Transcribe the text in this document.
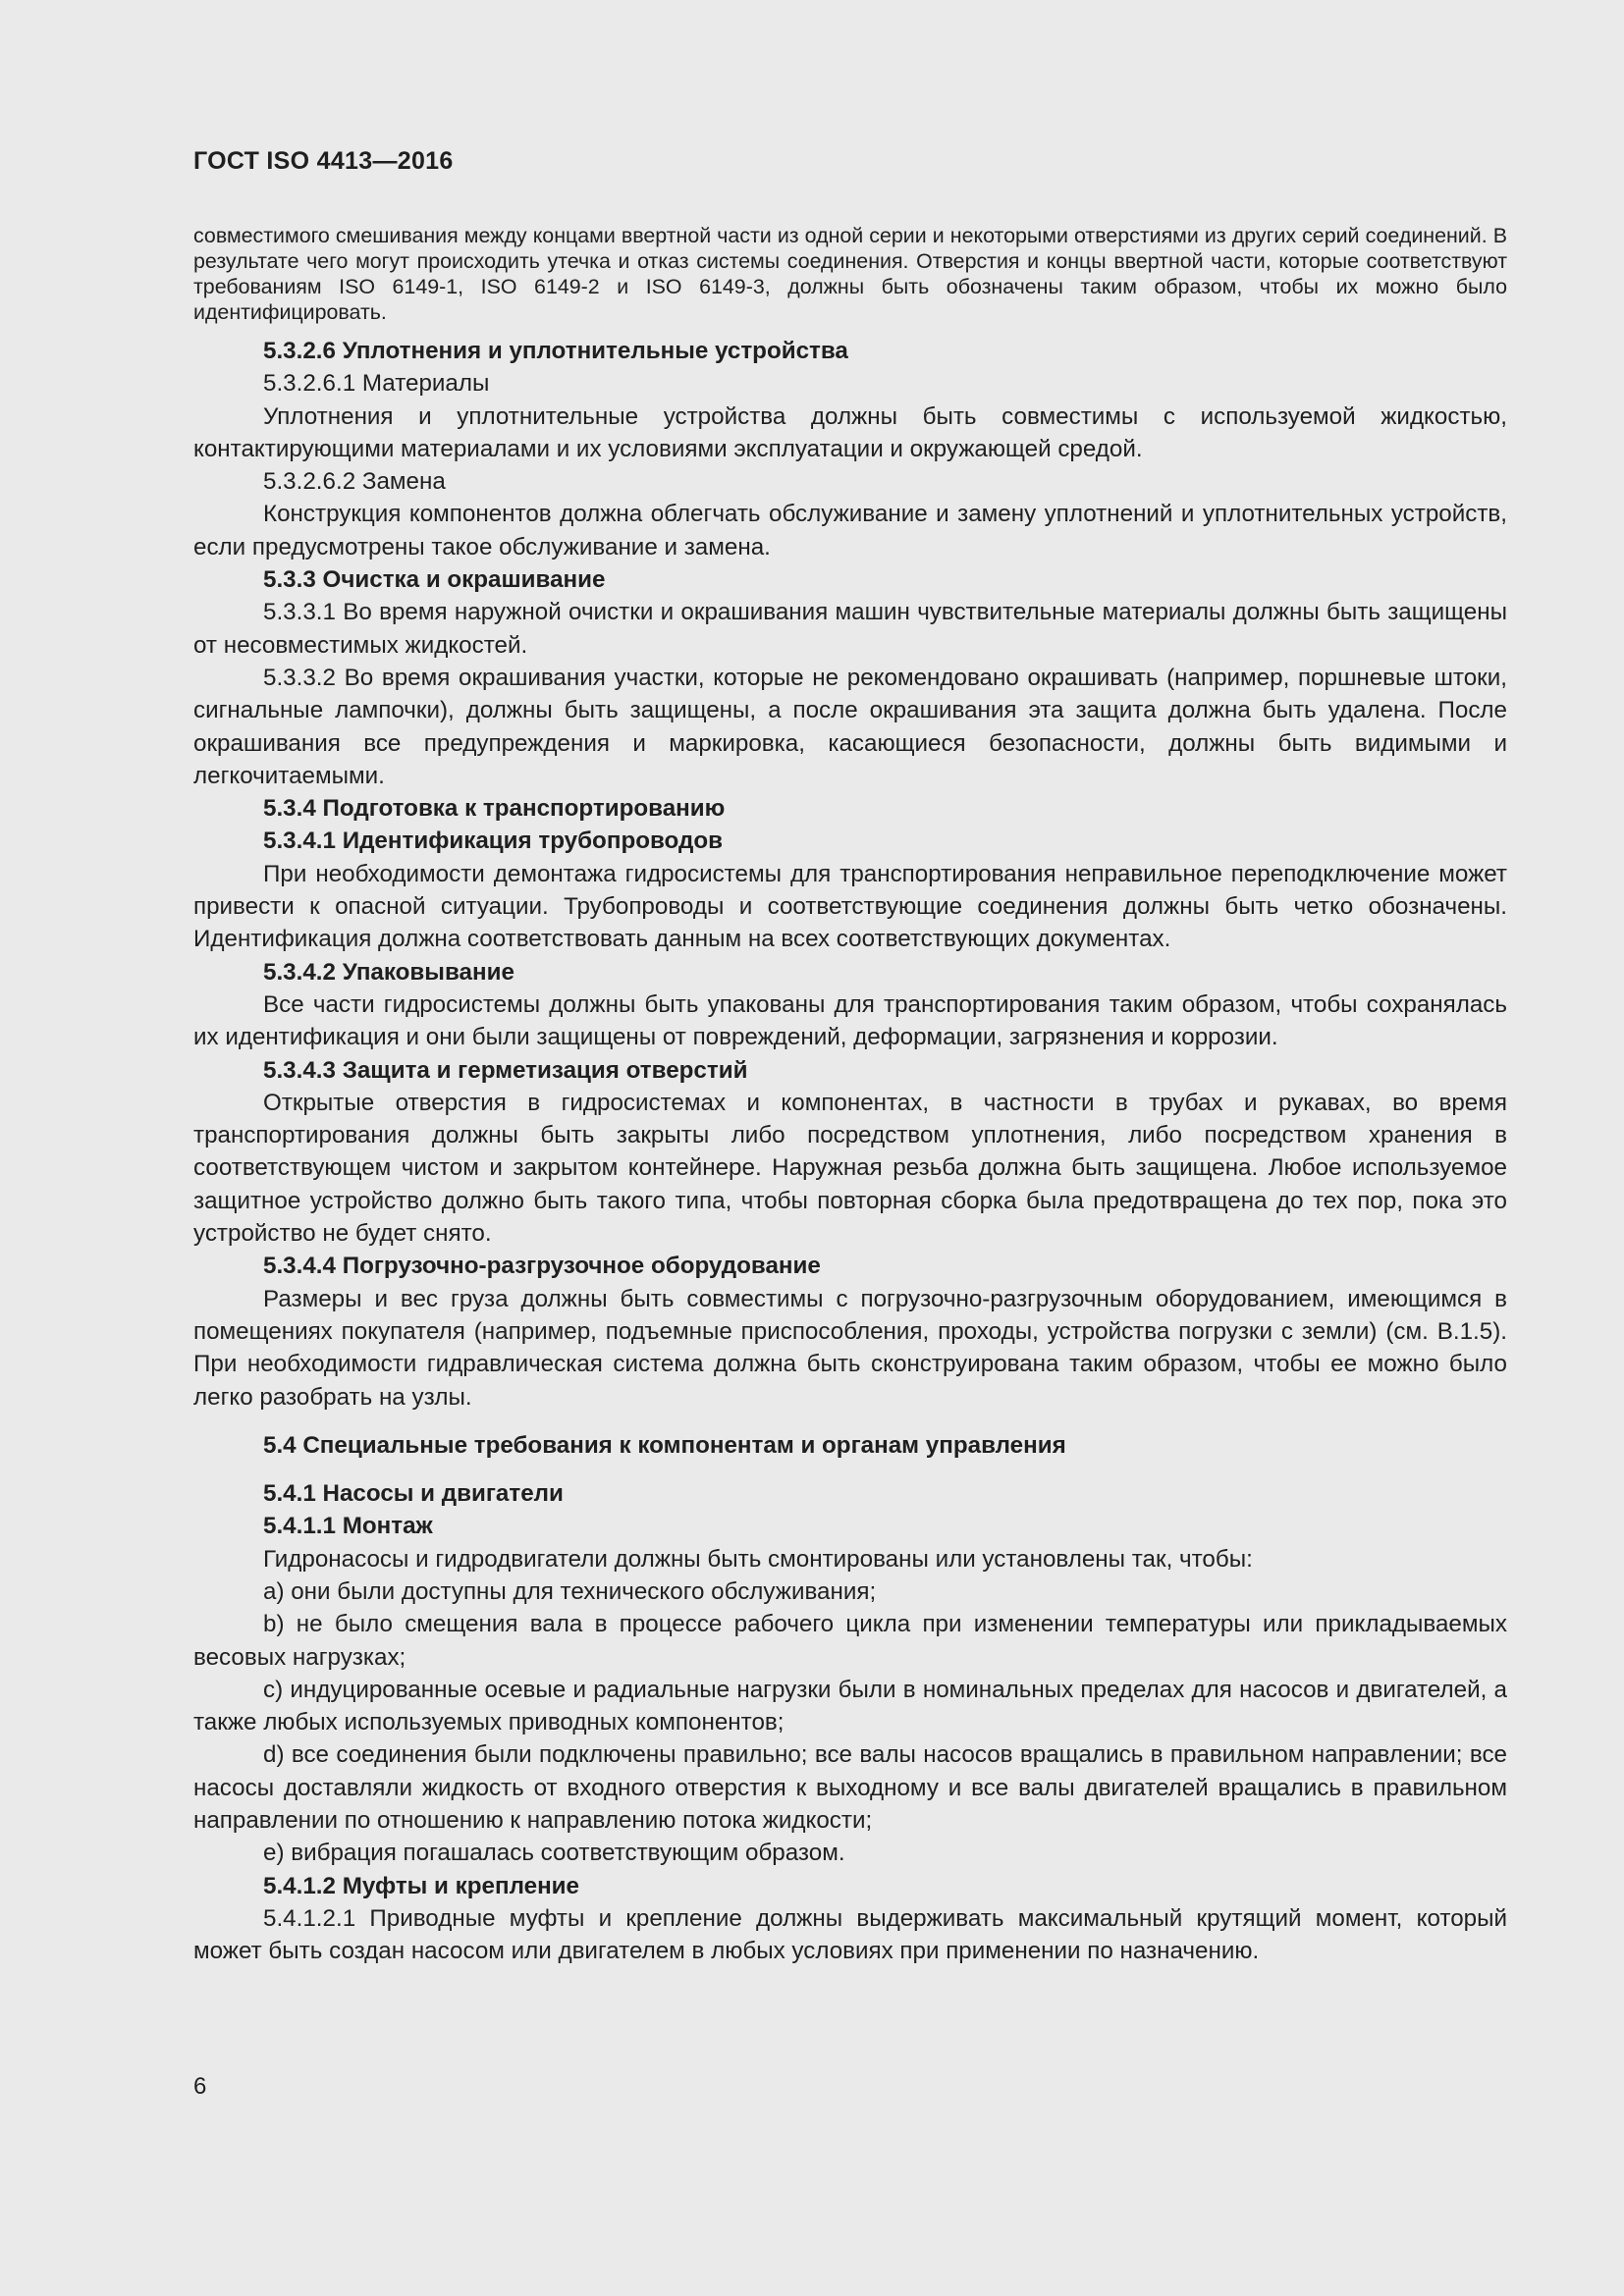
ГОСТ ISO 4413—2016

совместимого смешивания между концами ввертной части из одной серии и некоторыми отверстиями из других серий соединений. В результате чего могут происходить утечка и отказ системы соединения. Отверстия и концы ввертной части, которые соответствуют требованиям ISO 6149-1, ISO 6149-2 и ISO 6149-3, должны быть обозначены таким образом, чтобы их можно было идентифицировать.

5.3.2.6 Уплотнения и уплотнительные устройства

5.3.2.6.1 Материалы

Уплотнения и уплотнительные устройства должны быть совместимы с используемой жидкостью, контактирующими материалами и их условиями эксплуатации и окружающей средой.

5.3.2.6.2 Замена

Конструкция компонентов должна облегчать обслуживание и замену уплотнений и уплотнительных устройств, если предусмотрены такое обслуживание и замена.

5.3.3 Очистка и окрашивание

5.3.3.1 Во время наружной очистки и окрашивания машин чувствительные материалы должны быть защищены от несовместимых жидкостей.

5.3.3.2 Во время окрашивания участки, которые не рекомендовано окрашивать (например, поршневые штоки, сигнальные лампочки), должны быть защищены, а после окрашивания эта защита должна быть удалена. После окрашивания все предупреждения и маркировка, касающиеся безопасности, должны быть видимыми и легкочитаемыми.

5.3.4 Подготовка к транспортированию

5.3.4.1 Идентификация трубопроводов

При необходимости демонтажа гидросистемы для транспортирования неправильное переподключение может привести к опасной ситуации. Трубопроводы и соответствующие соединения должны быть четко обозначены. Идентификация должна соответствовать данным на всех соответствующих документах.

5.3.4.2 Упаковывание

Все части гидросистемы должны быть упакованы для транспортирования таким образом, чтобы сохранялась их идентификация и они были защищены от повреждений, деформации, загрязнения и коррозии.

5.3.4.3 Защита и герметизация отверстий

Открытые отверстия в гидросистемах и компонентах, в частности в трубах и рукавах, во время транспортирования должны быть закрыты либо посредством уплотнения, либо посредством хранения в соответствующем чистом и закрытом контейнере. Наружная резьба должна быть защищена. Любое используемое защитное устройство должно быть такого типа, чтобы повторная сборка была предотвращена до тех пор, пока это устройство не будет снято.

5.3.4.4 Погрузочно-разгрузочное оборудование

Размеры и вес груза должны быть совместимы с погрузочно-разгрузочным оборудованием, имеющимся в помещениях покупателя (например, подъемные приспособления, проходы, устройства погрузки с земли) (см. В.1.5). При необходимости гидравлическая система должна быть сконструирована таким образом, чтобы ее можно было легко разобрать на узлы.

5.4 Специальные требования к компонентам и органам управления

5.4.1 Насосы и двигатели

5.4.1.1 Монтаж

Гидронасосы и гидродвигатели должны быть смонтированы или установлены так, чтобы:

a) они были доступны для технического обслуживания;

b) не было смещения вала в процессе рабочего цикла при изменении температуры или прикладываемых весовых нагрузках;

c) индуцированные осевые и радиальные нагрузки были в номинальных пределах для насосов и двигателей, а также любых используемых приводных компонентов;

d) все соединения были подключены правильно; все валы насосов вращались в правильном направлении; все насосы доставляли жидкость от входного отверстия к выходному и все валы двигателей вращались в правильном направлении по отношению к направлению потока жидкости;

e) вибрация погашалась соответствующим образом.

5.4.1.2 Муфты и крепление

5.4.1.2.1 Приводные муфты и крепление должны выдерживать максимальный крутящий момент, который может быть создан насосом или двигателем в любых условиях при применении по назначению.

6
